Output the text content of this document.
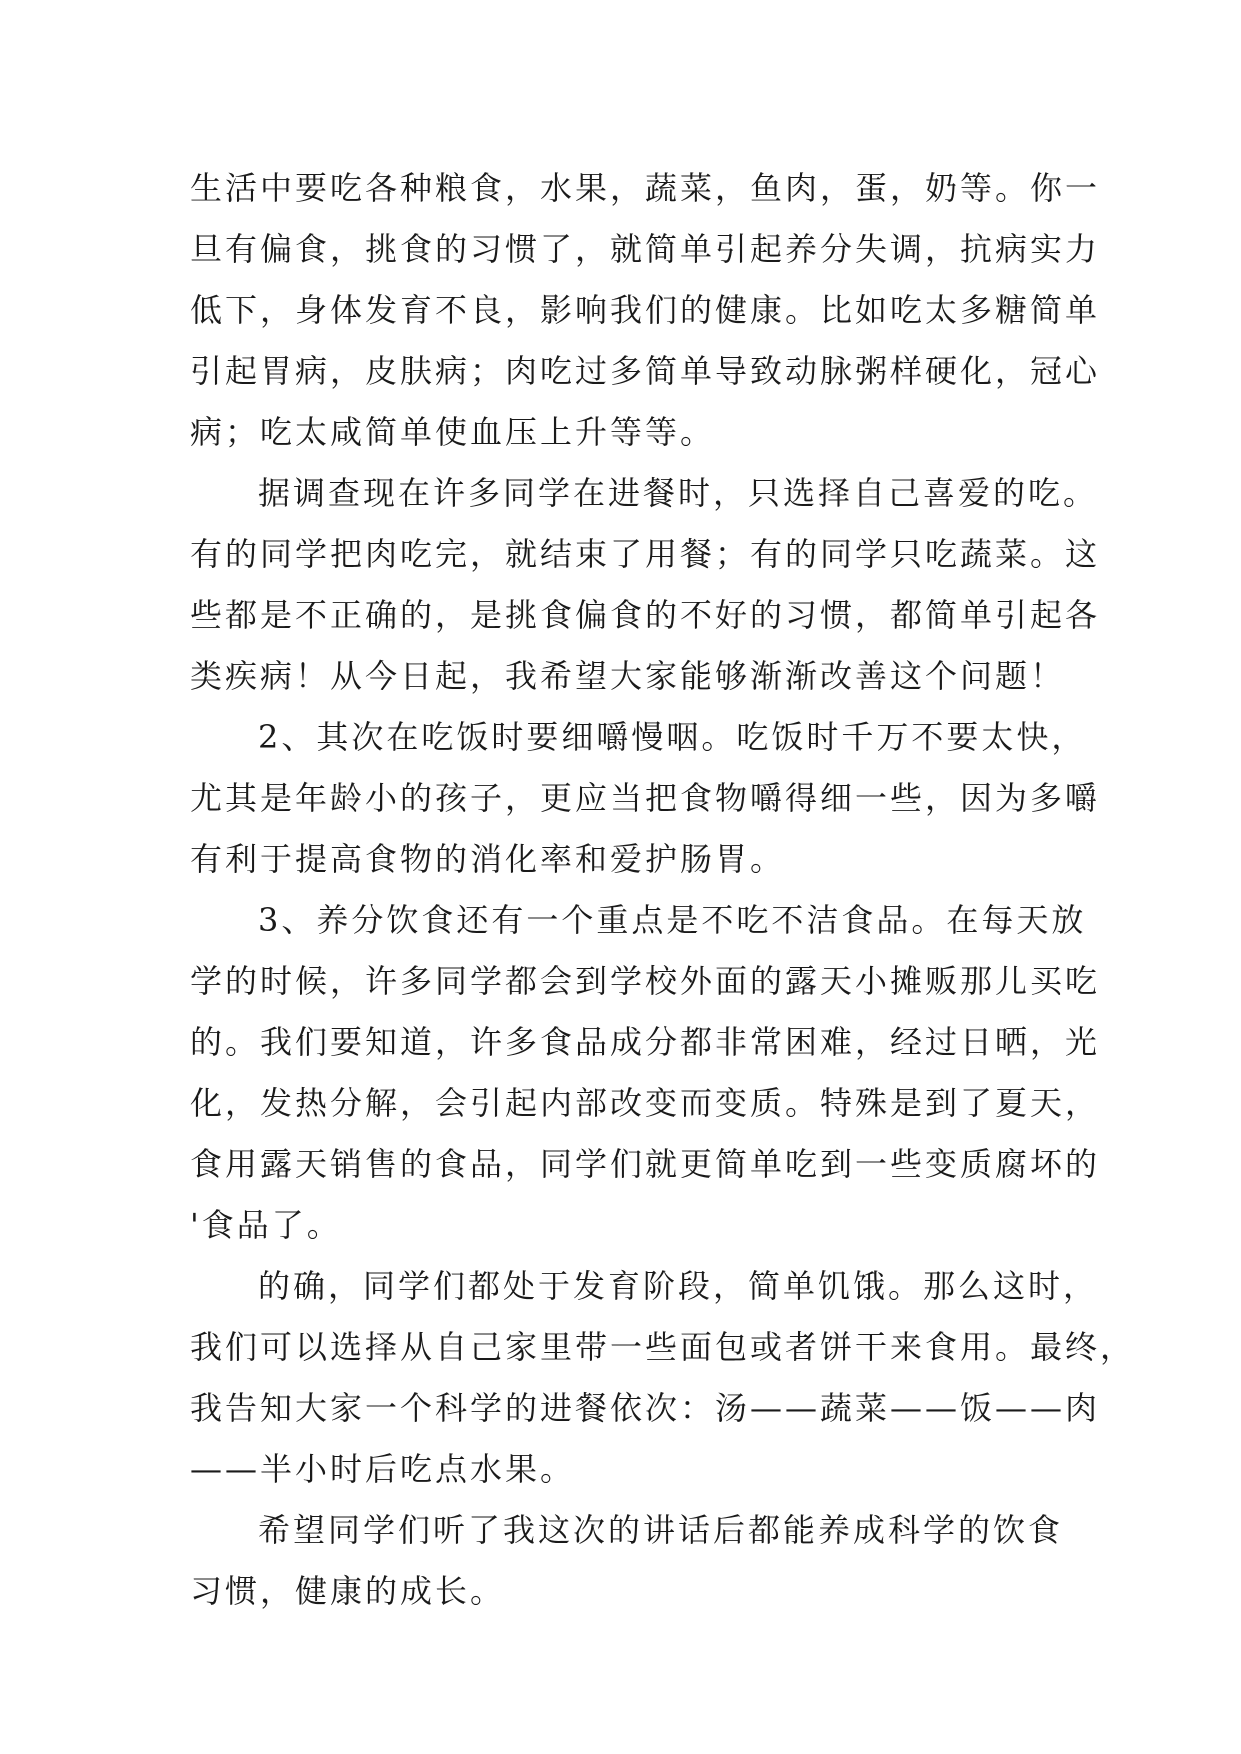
生活中要吃各种粮食，水果，蔬菜，鱼肉，蛋，奶等。你一
旦有偏食，挑食的习惯了，就简单引起养分失调，抗病实力
低下，身体发育不良，影响我们的健康。比如吃太多糖简单
引起胃病，皮肤病；肉吃过多简单导致动脉粥样硬化，冠心
病；吃太咸简单使血压上升等等。
据调查现在许多同学在进餐时，只选择自己喜爱的吃。
有的同学把肉吃完，就结束了用餐；有的同学只吃蔬菜。这
些都是不正确的，是挑食偏食的不好的习惯，都简单引起各
类疾病！从今日起，我希望大家能够渐渐改善这个问题！
2、其次在吃饭时要细嚼慢咽。吃饭时千万不要太快，
尤其是年龄小的孩子，更应当把食物嚼得细一些，因为多嚼
有利于提高食物的消化率和爱护肠胃。
3、养分饮食还有一个重点是不吃不洁食品。在每天放
学的时候，许多同学都会到学校外面的露天小摊贩那儿买吃
的。我们要知道，许多食品成分都非常困难，经过日晒，光
化，发热分解，会引起内部改变而变质。特殊是到了夏天，
食用露天销售的食品，同学们就更简单吃到一些变质腐坏的
'食品了。
的确，同学们都处于发育阶段，简单饥饿。那么这时，
我们可以选择从自己家里带一些面包或者饼干来食用。最终，
我告知大家一个科学的进餐依次：汤——蔬菜——饭——肉
——半小时后吃点水果。
希望同学们听了我这次的讲话后都能养成科学的饮食
习惯，健康的成长。
